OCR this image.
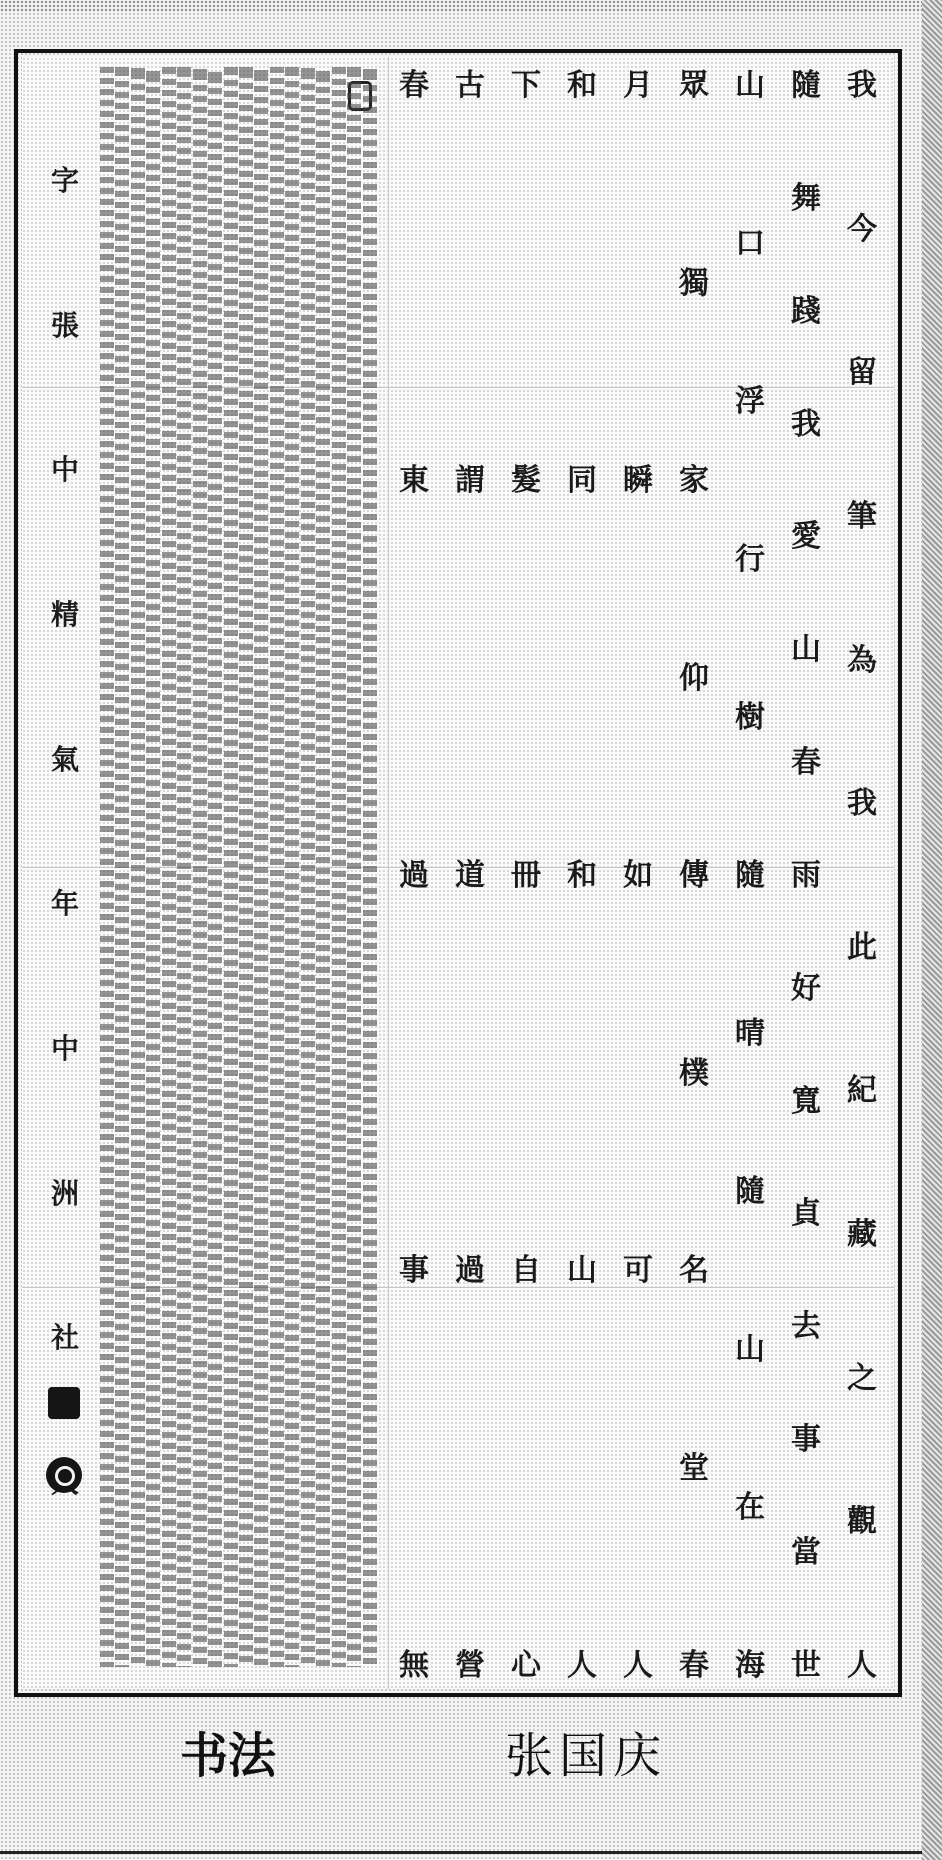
字
張
中
精
氣
年
中
洲
社
我
今
留
筆
為
我
此
紀
藏
之
觀
人
隨
舞
踐
我
愛
山
春
雨
好
寬
貞
去
事
當
世
山
口
浮
行
樹
隨
晴
隨
山
在
海
眾
獨
家
仰
傳
樸
名
堂
春
月
瞬
如
可
人
和
同
和
山
人
下
髮
冊
自
心
古
謂
道
過
營
春
東
過
事
無
书法	张国庆
